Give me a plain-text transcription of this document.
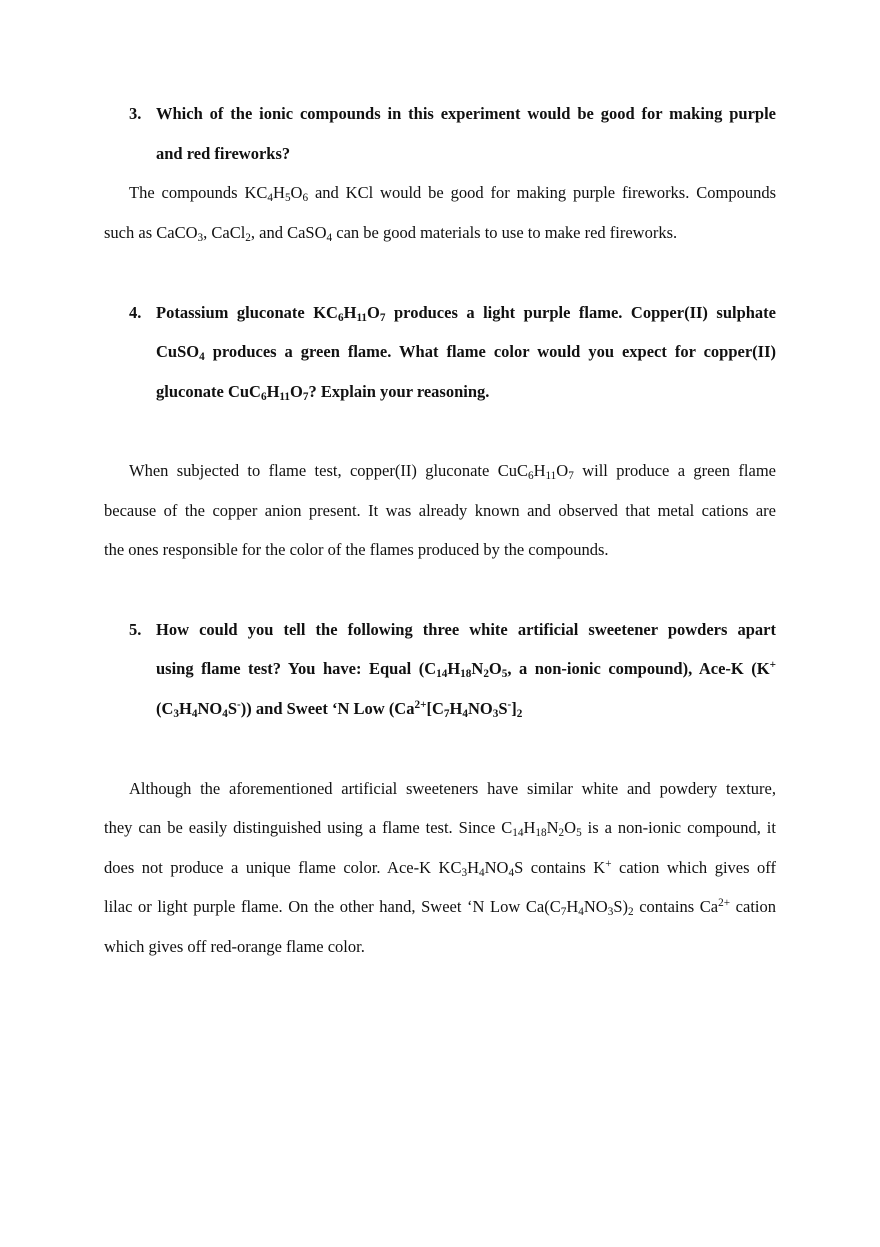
3. Which of the ionic compounds in this experiment would be good for making purple
and red fireworks?
The compounds $KC_4H_5O_6$ and KCl would be good for making purple fireworks. Compounds
such as CaCO$_3$, CaCl$_2$, and CaSO$_4$ can be good materials to use to make red fireworks.
4. Potassium gluconate $KC_6H_{11}O_7$ produces a light purple flame. Copper(II) sulphate
CuSO$_4$ produces a green flame. What flame color would you expect for copper(II)
gluconate $CuC_6H_{11}O_7$? Explain your reasoning.
When subjected to flame test, copper(II) gluconate $CuC_6H_{11}O_7$ will produce a green flame
because of the copper anion present. It was already known and observed that metal cations are
the ones responsible for the color of the flames produced by the compounds.
5. How could you tell the following three white artificial sweetener powders apart
using flame test? You have: Equal ($C_{14}H_{18}N_2O_5$, a non-ionic compound), Ace-K (K+
$(C_3H_4NO_4S^-)$) and Sweet ‘N Low ($Ca^{2+}[C_7H_4NO_3S^-]_2$
Although the aforementioned artificial sweeteners have similar white and powdery texture,
they can be easily distinguished using a flame test. Since $C_{14}H_{18}N_2O_5$ is a non-ionic compound, it
does not produce a unique flame color. Ace-K $KC_3H_4NO_4S$ contains K+ cation which gives off
lilac or light purple flame. On the other hand, Sweet ‘N Low $Ca(C_7H_4NO_3S)_2$ contains $Ca^{2+}$ cation
which gives off red-orange flame color.
